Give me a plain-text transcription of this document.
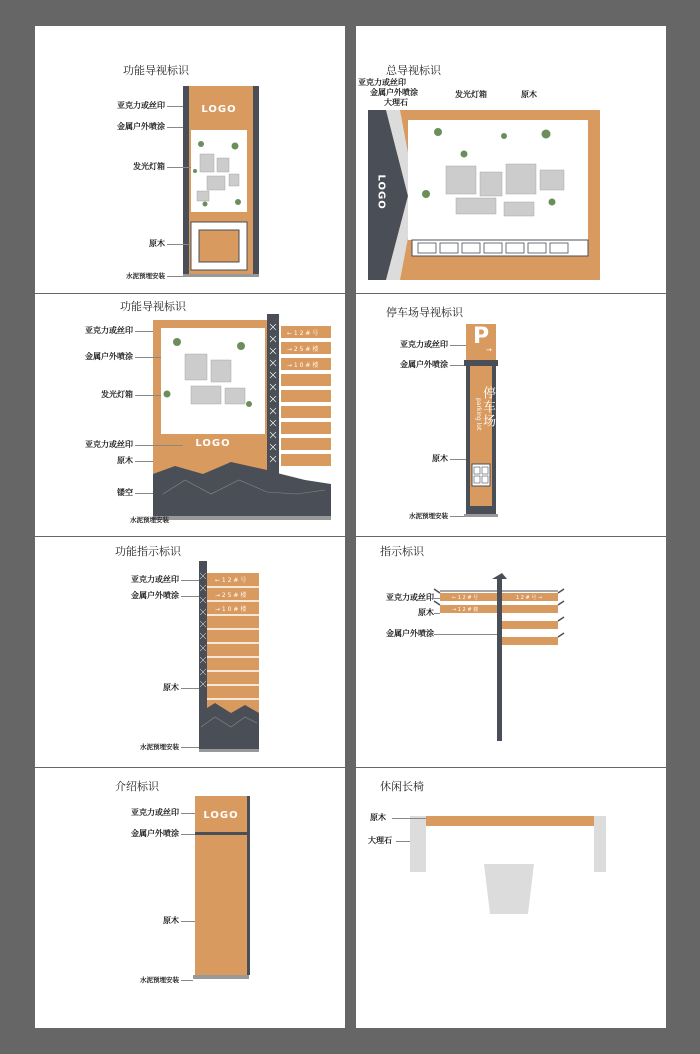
功能导视标识
LOGO
亚克力或丝印
金属户外喷涂
发光灯箱
原木
水泥预埋安装
总导视标识
LOGO
亚克力或丝印
金属户外喷涂
大理石
发光灯箱	原木
功能导视标识
← 1 2 # 号
→ 2 5 # 楼
→ 1 0 # 楼
LOGO
亚克力或丝印
金属户外喷涂
发光灯箱
亚克力或丝印
原木
镂空
水泥预埋安装
停车场导视标识
P
→
停车场
parking lot
亚克力或丝印
金属户外喷涂
原木
水泥预埋安装
功能指示标识
← 1 2 # 号
→ 2 5 # 楼
→ 1 0 # 楼
亚克力或丝印
金属户外喷涂
原木
水泥预埋安装
指示标识
← 1 2 # 号
→ 1 2 # 楼
1 2 # 号 →
亚克力或丝印
原木
金属户外喷涂
介绍标识
LOGO
亚克力或丝印
金属户外喷涂
原木
水泥预埋安装
休闲长椅
原木
大理石
